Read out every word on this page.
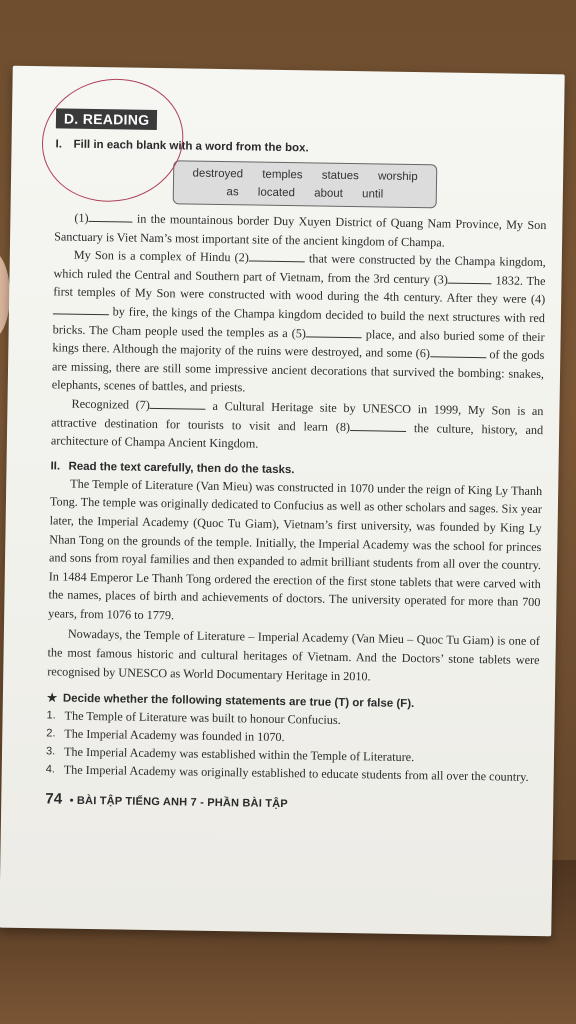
D. READING
I. Fill in each blank with a word from the box.
destroyed temples statues worship
as located about until

(1)	in the mountainous border Duy Xuyen District of Quang Nam Province, My Son Sanctuary is Viet Nam’s most important site of the ancient kingdom of Champa.

My Son is a complex of Hindu (2)	that were constructed by the Champa kingdom, which ruled the Central and Southern part of Vietnam, from the 3rd century (3)	1832. The first temples of My Son were constructed with wood during the 4th century. After they were (4) by fire, the kings of the Champa kingdom decided to build the next structures with red bricks. The Cham people used the temples as a (5)	place, and also buried some of their kings there. Although the majority of the ruins were destroyed, and some (6)	of the gods are missing, there are still some impressive ancient decorations that survived the bombing: snakes, elephants, scenes of battles, and priests.

Recognized (7)	a Cultural Heritage site by UNESCO in 1999, My Son is an attractive destination for tourists to visit and learn (8)	the culture, history, and architecture of Champa Ancient Kingdom.

II. Read the text carefully, then do the tasks.

The Temple of Literature (Van Mieu) was constructed in 1070 under the reign of King Ly Thanh Tong. The temple was originally dedicated to Confucius as well as other scholars and sages. Six year later, the Imperial Academy (Quoc Tu Giam), Vietnam’s first university, was founded by King Ly Nhan Tong on the grounds of the temple. Initially, the Imperial Academy was the school for princes and sons from royal families and then expanded to admit brilliant students from all over the country. In 1484 Emperor Le Thanh Tong ordered the erection of the first stone tablets that were carved with the names, places of birth and achievements of doctors. The university operated for more than 700 years, from 1076 to 1779.

Nowadays, the Temple of Literature – Imperial Academy (Van Mieu – Quoc Tu Giam) is one of the most famous historic and cultural heritages of Vietnam. And the Doctors’ stone tablets were recognised by UNESCO as World Documentary Heritage in 2010.

★ Decide whether the following statements are true (T) or false (F).
1. The Temple of Literature was built to honour Confucius.
2. The Imperial Academy was founded in 1070.
3. The Imperial Academy was established within the Temple of Literature.
4. The Imperial Academy was originally established to educate students from all over the country.
74 • BÀI TẬP TIẾNG ANH 7 - PHẦN BÀI TẬP
